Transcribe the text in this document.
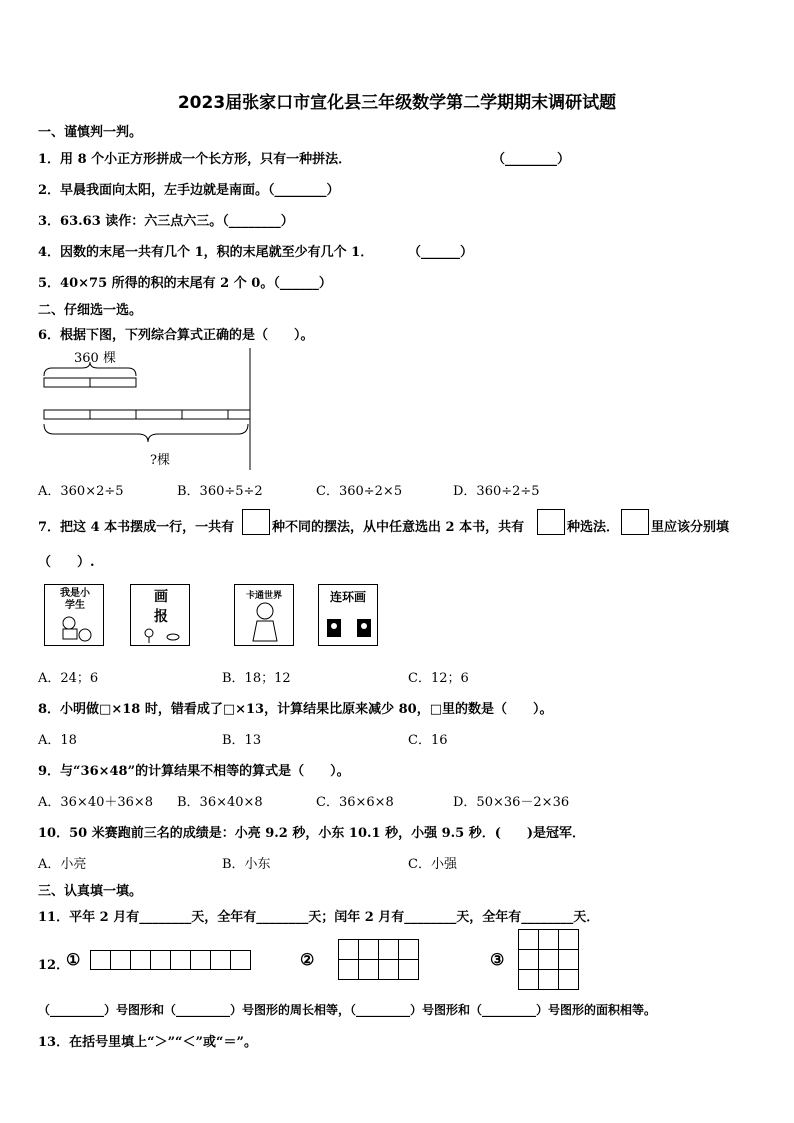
2023届张家口市宣化县三年级数学第二学期期末调研试题
一、谨慎判一判。
1．用 8 个小正方形拼成一个长方形，只有一种拼法．	（________）
2．早晨我面向太阳，左手边就是南面。（________）
3．63.63 读作：六三点六三。（________）
4．因数的末尾一共有几个 1，积的末尾就至少有几个 1．	（______）
5．40×75 所得的积的末尾有 2 个 0。（______）
二、仔细选一选。
6．根据下图，下列综合算式正确的是（　　）。
360 棵
?棵
A．360×2÷5	B．360÷5÷2	C．360÷2×5	D．360÷2÷5
7．把这 4 本书摆成一行，一共有	种不同的摆法，从中任意选出 2 本书，共有	种选法． 里应该分别填
（　　）.
我是小学生
画报
卡通世界	连环画
A．24；6	B．18；12	C．12；6
8．小明做□×18 时，错看成了□×13，计算结果比原来减少 80，□里的数是（　　）。
A．18	B．13	C．16
9．与“36×48”的计算结果不相等的算式是（　　）。
A．36×40＋36×8 B．36×40×8	C．36×6×8	D．50×36－2×36
10．50 米赛跑前三名的成绩是：小亮 9.2 秒，小东 10.1 秒，小强 9.5 秒．(　　)是冠军．
A．小亮	B．小东	C．小强
三、认真填一填。
11．平年 2 月有________天，全年有________天；闰年 2 月有________天，全年有________天．
12．
①	②	③
（_________）号图形和（_________）号图形的周长相等，（_________）号图形和（_________）号图形的面积相等。
13．在括号里填上“＞”“＜”或“＝”。
